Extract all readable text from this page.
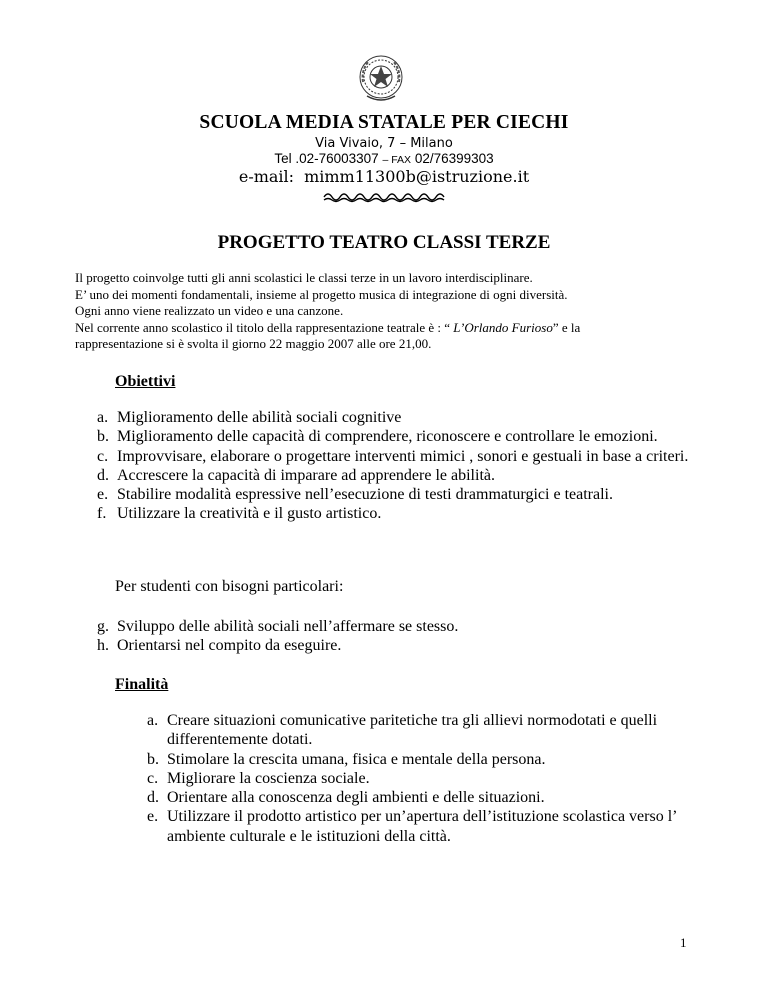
SCUOLA MEDIA STATALE PER CIECHI
Via Vivaio, 7 – Milano
Tel .02-76003307 – FAX 02/76399303
e-mail: mimm11300b@istruzione.it
PROGETTO TEATRO CLASSI TERZE

Il progetto coinvolge tutti gli anni scolastici le classi terze in un lavoro interdisciplinare.

E’ uno dei momenti fondamentali, insieme al progetto musica di integrazione di ogni diversità.

Ogni anno viene realizzato un video e una canzone.

Nel corrente anno scolastico il titolo della rappresentazione teatrale è : “ L’Orlando Furioso” e la

rappresentazione si è svolta il giorno 22 maggio 2007 alle ore 21,00.

Obiettivi
a. Miglioramento delle abilità sociali cognitive
b. Miglioramento delle capacità di comprendere, riconoscere e controllare le emozioni.
c. Improvvisare, elaborare o progettare interventi mimici , sonori e gestuali in base a criteri.
d. Accrescere la capacità di imparare ad apprendere le abilità.
e. Stabilire modalità espressive nell’esecuzione di testi drammaturgici e teatrali.
f. Utilizzare la creatività e il gusto artistico.
Per studenti con bisogni particolari:
g. Sviluppo delle abilità sociali nell’affermare se stesso.
h. Orientarsi nel compito da eseguire.
Finalità
a. Creare situazioni comunicative paritetiche tra gli allievi normodotati e quelli differentemente dotati.
b. Stimolare la crescita umana, fisica e mentale della persona.
c. Migliorare la coscienza sociale.
d. Orientare alla conoscenza degli ambienti e delle situazioni.
e. Utilizzare il prodotto artistico per un’apertura dell’istituzione scolastica verso l’ ambiente culturale e le istituzioni della città.
1
